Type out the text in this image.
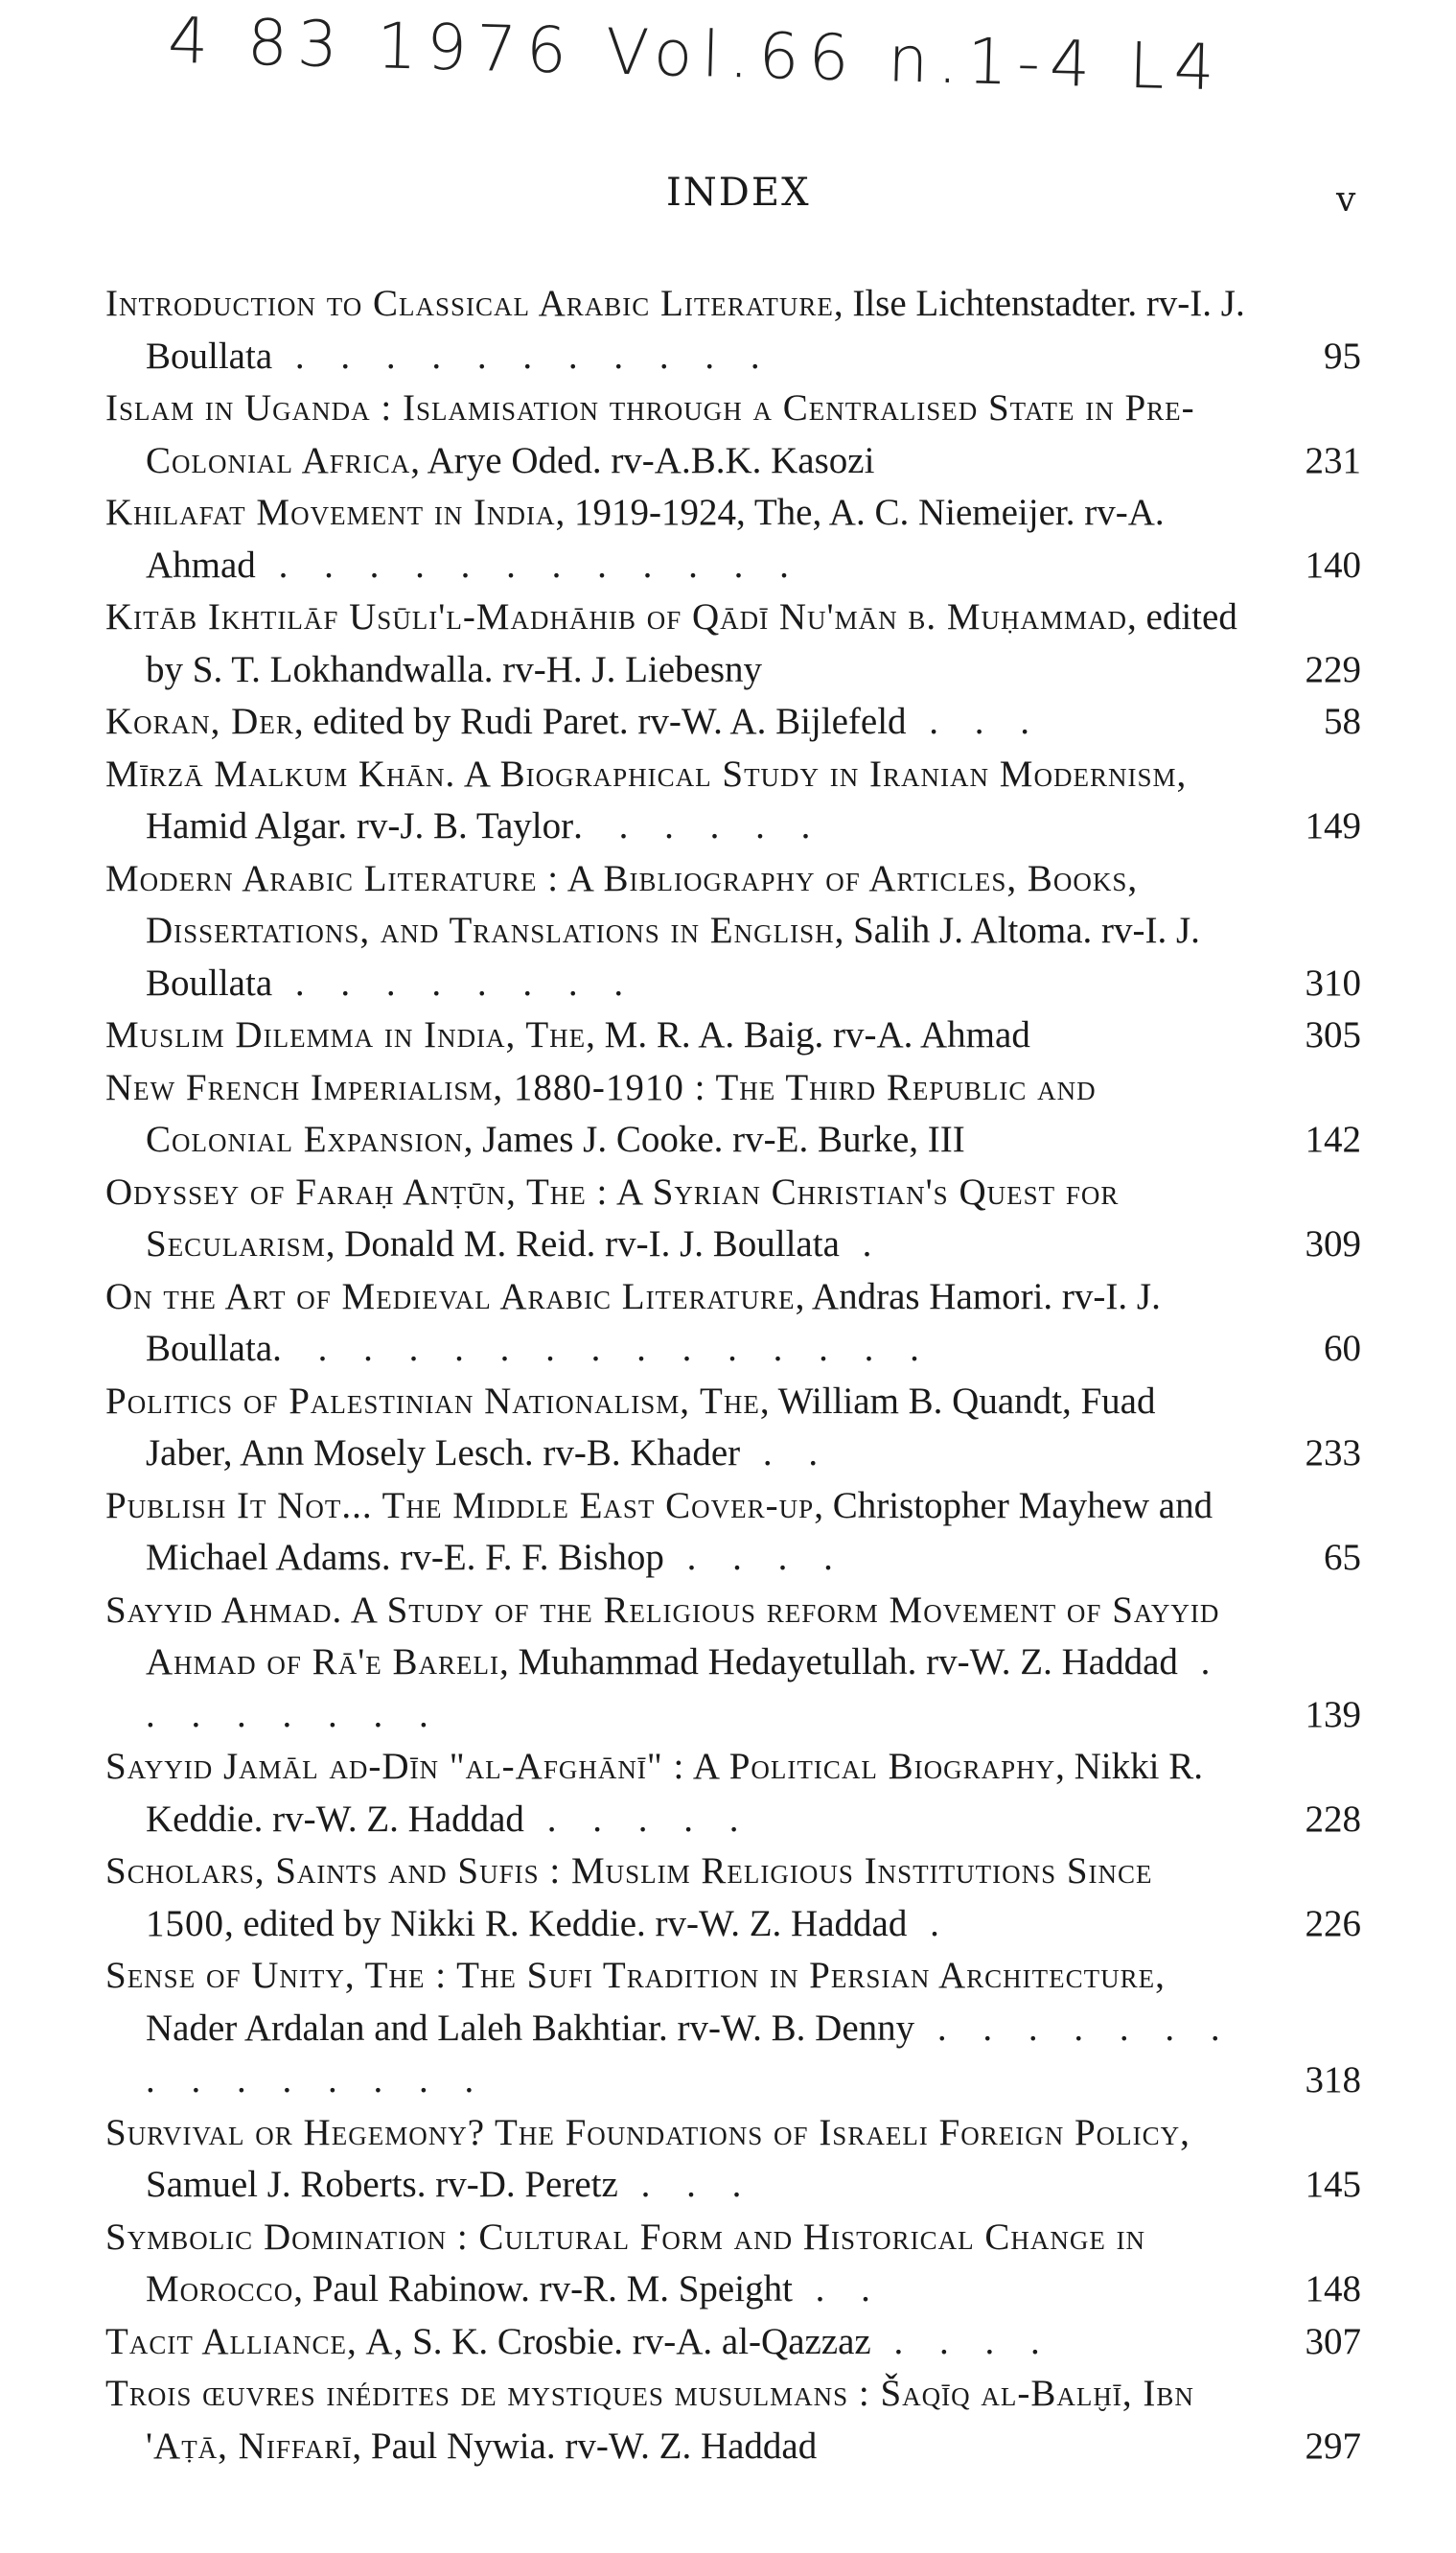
4 83 1976 Vol.66 n.1-4 L4
INDEX	v
Introduction to Classical Arabic Literature, Ilse Lichtenstadter. rv-I. J. Boullata . . . . . . . . . . .	95
Islam in Uganda : Islamisation through a Centralised State in Pre-Colonial Africa, Arye Oded. rv-A.B.K. Kasozi	231
Khilafat Movement in India, 1919-1924, The, A. C. Niemeijer. rv-A. Ahmad . . . . . . . . . . . .	140
Kitāb Ikhtilāf Usūli'l-Madhāhib of Qādī Nu'mān b. Muḥammad, edited by S. T. Lokhandwalla. rv-H. J. Liebesny	229
Koran, Der, edited by Rudi Paret. rv-W. A. Bijlefeld . . .	58
Mīrzā Malkum Khān. A Biographical Study in Iranian Modernism, Hamid Algar. rv-J. B. Taylor. . . . . .	149
Modern Arabic Literature : A Bibliography of Articles, Books, Dissertations, and Translations in English, Salih J. Altoma. rv-I. J. Boullata . . . . . . . .	310
Muslim Dilemma in India, The, M. R. A. Baig. rv-A. Ahmad	305
New French Imperialism, 1880-1910 : The Third Republic and Colonial Expansion, James J. Cooke. rv-E. Burke, III	142
Odyssey of Faraḥ Anṭūn, The : A Syrian Christian's Quest for Secularism, Donald M. Reid. rv-I. J. Boullata .	309
On the Art of Medieval Arabic Literature, Andras Hamori. rv-I. J. Boullata. . . . . . . . . . . . . . .	60
Politics of Palestinian Nationalism, The, William B. Quandt, Fuad Jaber, Ann Mosely Lesch. rv-B. Khader . .	233
Publish It Not... The Middle East Cover-up, Christopher Mayhew and Michael Adams. rv-E. F. F. Bishop . . . .	65
Sayyid Ahmad. A Study of the Religious reform Movement of Sayyid Ahmad of Rā'e Bareli, Muhammad Hedayetullah. rv-W. Z. Haddad . . . . . . . .	139
Sayyid Jamāl ad-Dīn "al-Afghānī" : A Political Biography, Nikki R. Keddie. rv-W. Z. Haddad . . . . .	228
Scholars, Saints and Sufis : Muslim Religious Institutions Since 1500, edited by Nikki R. Keddie. rv-W. Z. Haddad .	226
Sense of Unity, The : The Sufi Tradition in Persian Architecture, Nader Ardalan and Laleh Bakhtiar. rv-W. B. Denny . . . . . . . . . . . . . . .	318
Survival or Hegemony? The Foundations of Israeli Foreign Policy, Samuel J. Roberts. rv-D. Peretz . . .	145
Symbolic Domination : Cultural Form and Historical Change in Morocco, Paul Rabinow. rv-R. M. Speight . .	148
Tacit Alliance, A, S. K. Crosbie. rv-A. al-Qazzaz . . . .	307
Trois œuvres inédites de mystiques musulmans : Šaqīq al-Balḫī, Ibn 'Aṭā, Niffarī, Paul Nywia. rv-W. Z. Haddad	297
